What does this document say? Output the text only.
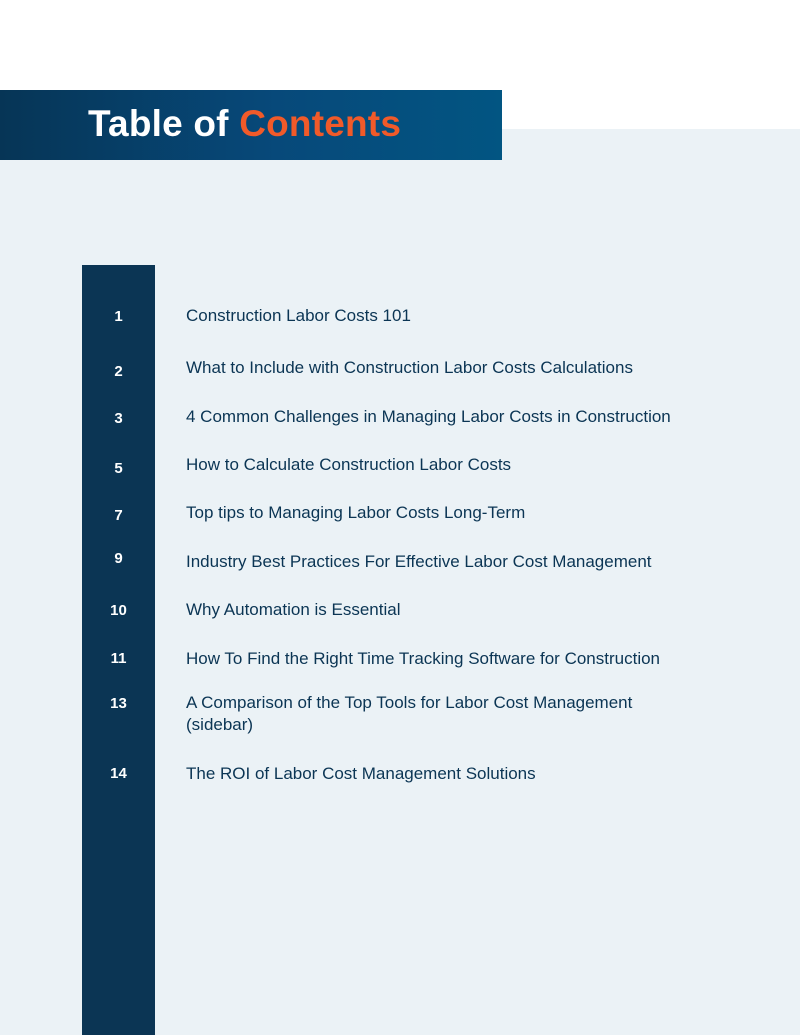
Table of Contents
1	Construction Labor Costs 101
2	What to Include with Construction Labor Costs Calculations
3	4 Common Challenges in Managing Labor Costs in Construction
5	How to Calculate Construction Labor Costs
7	Top tips to Managing Labor Costs Long-Term
9	Industry Best Practices For Effective Labor Cost Management
10	Why Automation is Essential
11	How To Find the Right Time Tracking Software for Construction
13	A Comparison of the Top Tools for Labor Cost Management (sidebar)
14	The ROI of Labor Cost Management Solutions
